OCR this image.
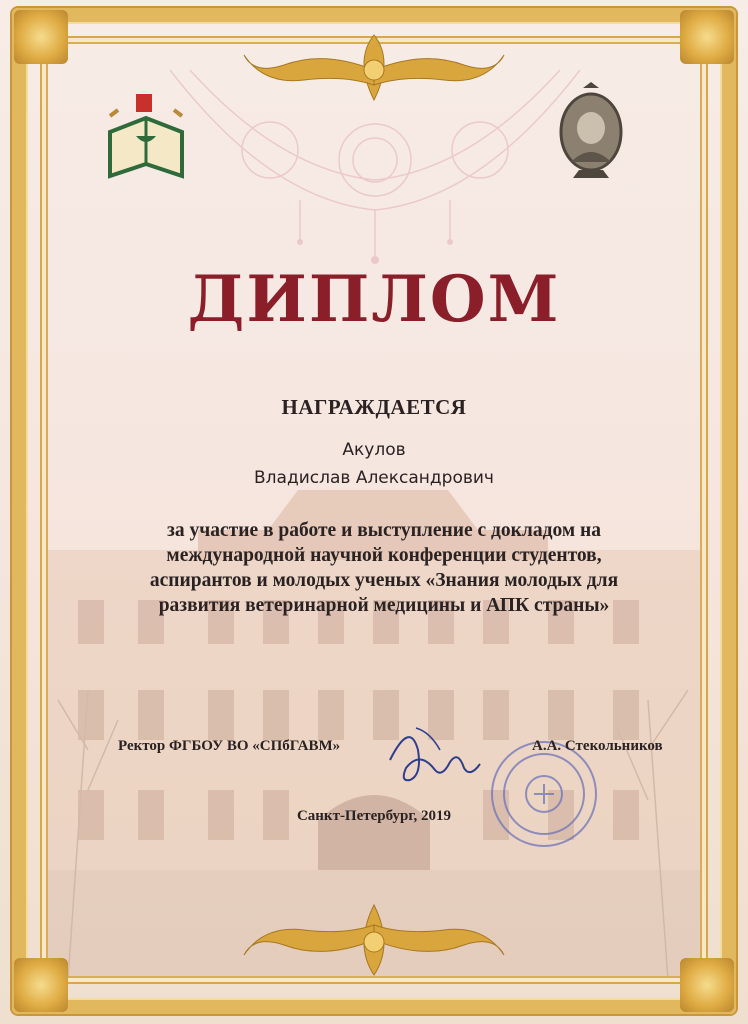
ДИПЛОМ
НАГРАЖДАЕТСЯ
Акулов
Владислав Александрович
за участие в работе и выступление с докладом на
международной научной конференции студентов,
аспирантов и молодых ученых «Знания молодых для
развития ветеринарной медицины и АПК страны»
Ректор ФГБОУ ВО «СПбГАВМ»	А.А. Стекольников
Санкт-Петербург, 2019
